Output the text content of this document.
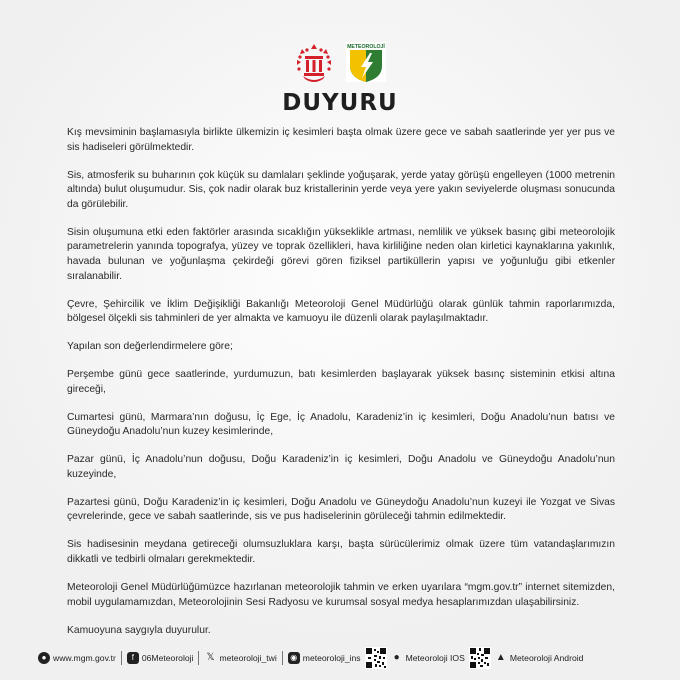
METEOROLOJİ
DUYURU

Kış mevsiminin başlamasıyla birlikte ülkemizin iç kesimleri başta olmak üzere gece ve sabah saatlerinde yer yer pus ve sis hadiseleri görülmektedir.

Sis, atmosferik su buharının çok küçük su damlaları şeklinde yoğuşarak, yerde yatay görüşü engelleyen (1000 metrenin altında) bulut oluşumudur. Sis, çok nadir olarak buz kristallerinin yerde veya yere yakın seviyelerde oluşması sonucunda da görülebilir.

Sisin oluşumuna etki eden faktörler arasında sıcaklığın yükseklikle artması, nemlilik ve yüksek basınç gibi meteorolojik parametrelerin yanında topografya, yüzey ve toprak özellikleri, hava kirliliğine neden olan kirletici kaynaklarına yakınlık, havada bulunan ve yoğunlaşma çekirdeği görevi gören fiziksel partiküllerin yapısı ve yoğunluğu gibi etkenler sıralanabilir.

Çevre, Şehircilik ve İklim Değişikliği Bakanlığı Meteoroloji Genel Müdürlüğü olarak günlük tahmin raporlarımızda, bölgesel ölçekli sis tahminleri de yer almakta ve kamuoyu ile düzenli olarak paylaşılmaktadır.

Yapılan son değerlendirmelere göre;

Perşembe günü gece saatlerinde, yurdumuzun, batı kesimlerden başlayarak yüksek basınç sisteminin etkisi altına gireceği,

Cumartesi günü, Marmara’nın doğusu, İç Ege, İç Anadolu, Karadeniz’in iç kesimleri, Doğu Anadolu’nun batısı ve Güneydoğu Anadolu’nun kuzey kesimlerinde,

Pazar günü, İç Anadolu’nun doğusu, Doğu Karadeniz’in iç kesimleri, Doğu Anadolu ve Güneydoğu Anadolu’nun kuzeyinde,

Pazartesi günü, Doğu Karadeniz’in iç kesimleri, Doğu Anadolu ve Güneydoğu Anadolu’nun kuzeyi ile Yozgat ve Sivas çevrelerinde, gece ve sabah saatlerinde, sis ve pus hadiselerinin görüleceği tahmin edilmektedir.

Sis hadisesinin meydana getireceği olumsuzluklara karşı, başta sürücülerimiz olmak üzere tüm vatandaşlarımızın dikkatli ve tedbirli olmaları gerekmektedir.

Meteoroloji Genel Müdürlüğümüzce hazırlanan meteorolojik tahmin ve erken uyarılara “mgm.gov.tr” internet sitemizden, mobil uygulamamızdan, Meteorolojinin Sesi Radyosu ve kurumsal sosyal medya hesaplarımızdan ulaşabilirsiniz.

Kamuoyuna saygıyla duyurulur.

● www.mgm.gov.tr	f 06Meteoroloji 𝕏 meteoroloji_twi	◉ meteoroloji_ins	● Meteoroloji IOS	▲ Meteoroloji Android
